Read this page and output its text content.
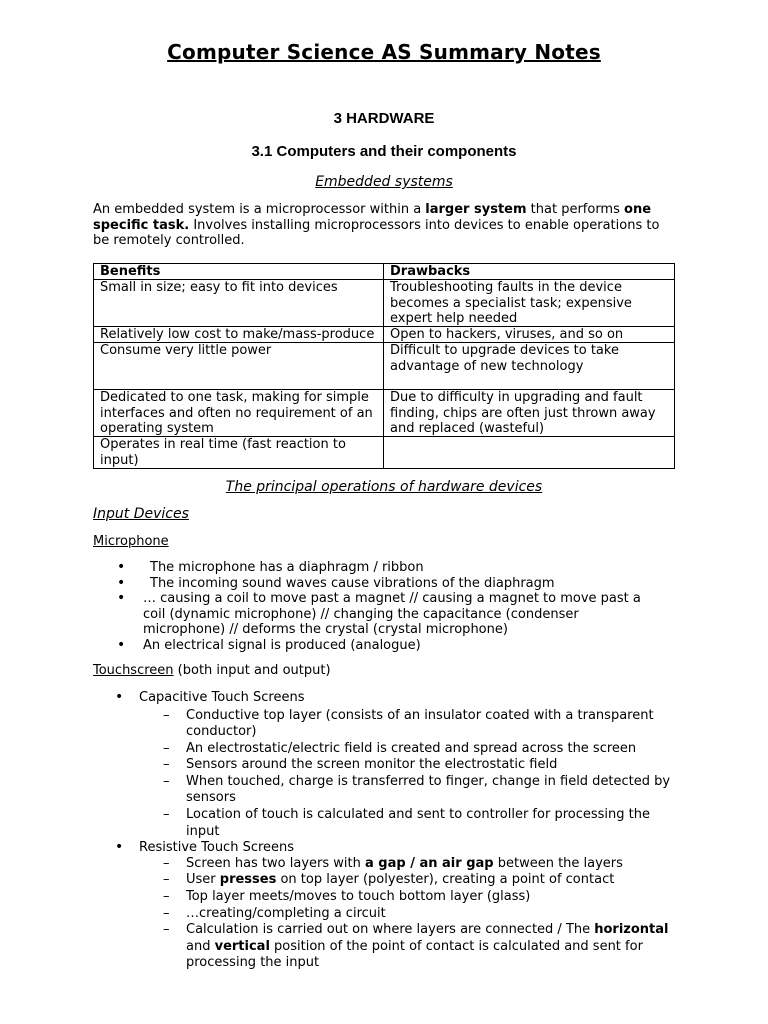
Computer Science AS Summary Notes
3 HARDWARE
3.1 Computers and their components
Embedded systems
An embedded system is a microprocessor within a larger system that performs one specific task. Involves installing microprocessors into devices to enable operations to be remotely controlled.
Benefits	Drawbacks
Small in size; easy to fit into devices	Troubleshooting faults in the device becomes a specialist task; expensive expert help needed
Relatively low cost to make/mass-produce	Open to hackers, viruses, and so on
Consume very little power	Difficult to upgrade devices to take advantage of new technology
Dedicated to one task, making for simple interfaces and often no requirement of an operating system	Due to difficulty in upgrading and fault finding, chips are often just thrown away and replaced (wasteful)
Operates in real time (fast reaction to input)	
The principal operations of hardware devices
Input Devices
Microphone
• The microphone has a diaphragm / ribbon
• The incoming sound waves cause vibrations of the diaphragm
• … causing a coil to move past a magnet // causing a magnet to move past a coil (dynamic microphone) // changing the capacitance (condenser microphone) // deforms the crystal (crystal microphone)
• An electrical signal is produced (analogue)
Touchscreen (both input and output)
• Capacitive Touch Screens
– Conductive top layer (consists of an insulator coated with a transparent conductor)
– An electrostatic/electric field is created and spread across the screen
– Sensors around the screen monitor the electrostatic field
– When touched, charge is transferred to finger, change in field detected by sensors
– Location of touch is calculated and sent to controller for processing the input
• Resistive Touch Screens
– Screen has two layers with a gap / an air gap between the layers
– User presses on top layer (polyester), creating a point of contact
– Top layer meets/moves to touch bottom layer (glass)
– …creating/completing a circuit
– Calculation is carried out on where layers are connected / The horizontal and vertical position of the point of contact is calculated and sent for processing the input
